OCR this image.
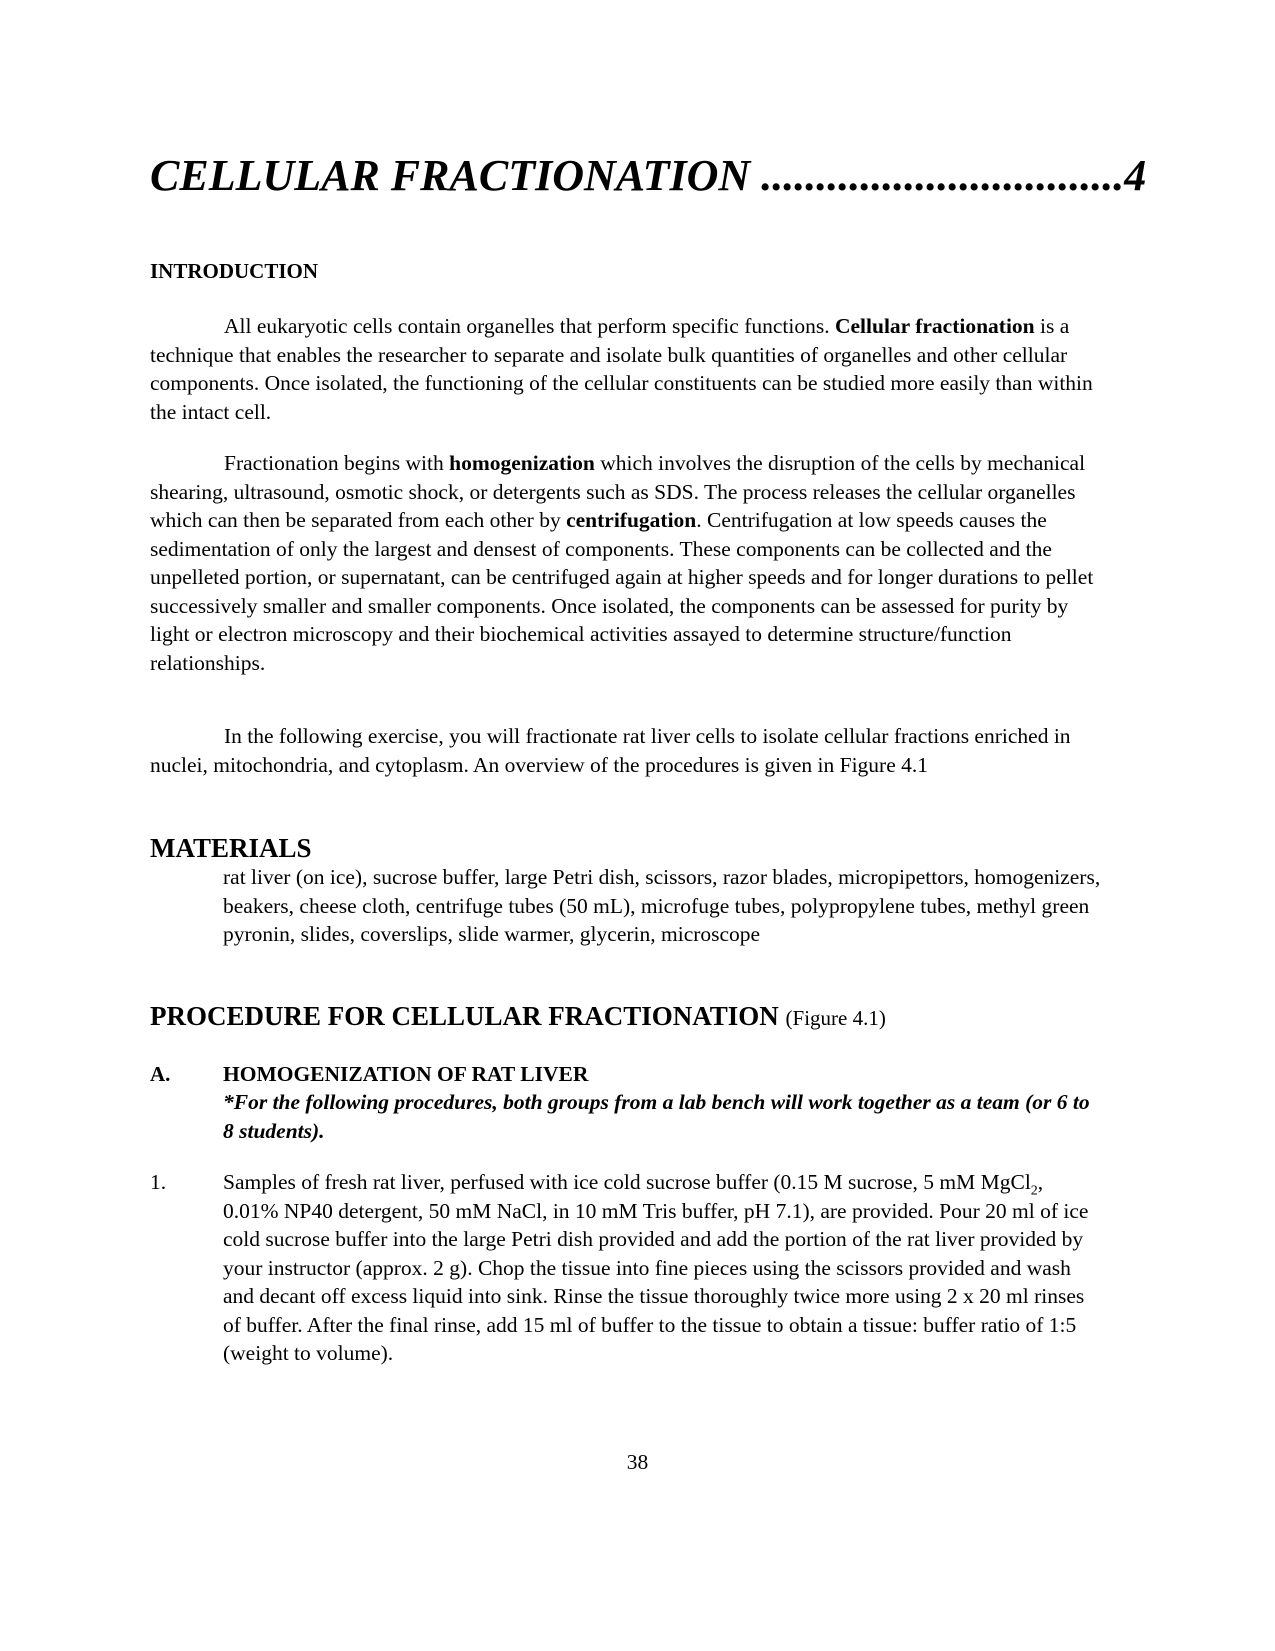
CELLULAR FRACTIONATION .................................4
INTRODUCTION

All eukaryotic cells contain organelles that perform specific functions. Cellular fractionation is a technique that enables the researcher to separate and isolate bulk quantities of organelles and other cellular components. Once isolated, the functioning of the cellular constituents can be studied more easily than within the intact cell.

Fractionation begins with homogenization which involves the disruption of the cells by mechanical shearing, ultrasound, osmotic shock, or detergents such as SDS. The process releases the cellular organelles which can then be separated from each other by centrifugation. Centrifugation at low speeds causes the sedimentation of only the largest and densest of components. These components can be collected and the unpelleted portion, or supernatant, can be centrifuged again at higher speeds and for longer durations to pellet successively smaller and smaller components. Once isolated, the components can be assessed for purity by light or electron microscopy and their biochemical activities assayed to determine structure/function relationships.

In the following exercise, you will fractionate rat liver cells to isolate cellular fractions enriched in nuclei, mitochondria, and cytoplasm. An overview of the procedures is given in Figure 4.1

MATERIALS

rat liver (on ice), sucrose buffer, large Petri dish, scissors, razor blades, micropipettors, homogenizers, beakers, cheese cloth, centrifuge tubes (50 mL), microfuge tubes, polypropylene tubes, methyl green pyronin, slides, coverslips, slide warmer, glycerin, microscope

PROCEDURE FOR CELLULAR FRACTIONATION (Figure 4.1)
A. HOMOGENIZATION OF RAT LIVER

*For the following procedures, both groups from a lab bench will work together as a team (or 6 to 8 students).

1.	Samples of fresh rat liver, perfused with ice cold sucrose buffer (0.15 M sucrose, 5 mM MgCl$_2$, 0.01% NP40 detergent, 50 mM NaCl, in 10 mM Tris buffer, pH 7.1), are provided. Pour 20 ml of ice cold sucrose buffer into the large Petri dish provided and add the portion of the rat liver provided by your instructor (approx. 2 g). Chop the tissue into fine pieces using the scissors provided and wash and decant off excess liquid into sink. Rinse the tissue thoroughly twice more using 2 x 20 ml rinses of buffer. After the final rinse, add 15 ml of buffer to the tissue to obtain a tissue: buffer ratio of 1:5 (weight to volume).

38
